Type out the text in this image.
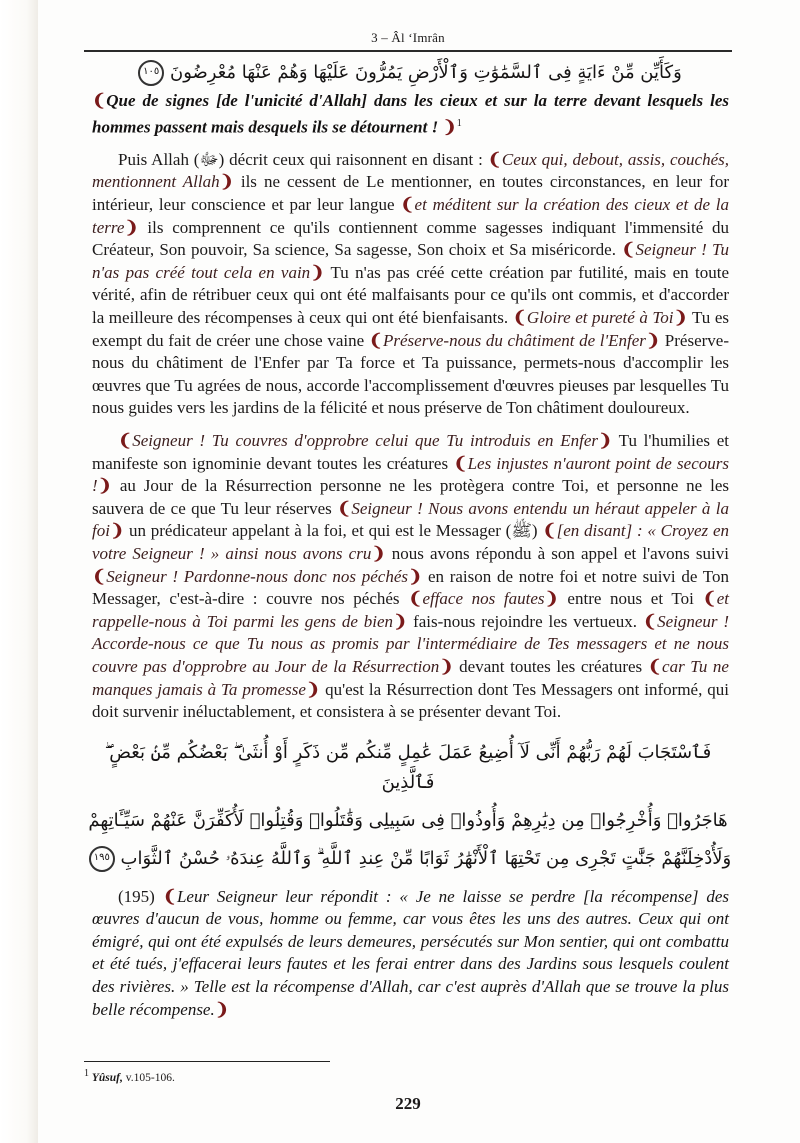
3 – Âl ‘Imrân
وَكَأَيِّن مِّنْ ءَايَةٍ فِى ٱلسَّمَٰوَٰتِ وَٱلْأَرْضِ يَمُرُّونَ عَلَيْهَا وَهُمْ عَنْهَا مُعْرِضُونَ ١٠٥
❨Que de signes [de l'unicité d'Allah] dans les cieux et sur la terre devant lesquels les hommes passent mais desquels ils se détournent ! ❩$^1$
Puis Allah (ﷻ) décrit ceux qui raisonnent en disant : ❨Ceux qui, debout, assis, couchés, mentionnent Allah❩ ils ne cessent de Le mentionner, en toutes circonstances, en leur for intérieur, leur conscience et par leur langue ❨et méditent sur la création des cieux et de la terre❩ ils comprennent ce qu'ils contiennent comme sagesses indiquant l'immensité du Créateur, Son pouvoir, Sa science, Sa sagesse, Son choix et Sa miséricorde. ❨Seigneur ! Tu n'as pas créé tout cela en vain❩ Tu n'as pas créé cette création par futilité, mais en toute vérité, afin de rétribuer ceux qui ont été malfaisants pour ce qu'ils ont commis, et d'accorder la meilleure des récompenses à ceux qui ont été bienfaisants. ❨Gloire et pureté à Toi❩ Tu es exempt du fait de créer une chose vaine ❨Préserve-nous du châtiment de l'Enfer❩ Préserve-nous du châtiment de l'Enfer par Ta force et Ta puissance, permets-nous d'accomplir les œuvres que Tu agrées de nous, accorde l'accomplissement d'œuvres pieuses par lesquelles Tu nous guides vers les jardins de la félicité et nous préserve de Ton châtiment douloureux.
❨Seigneur ! Tu couvres d'opprobre celui que Tu introduis en Enfer❩ Tu l'humilies et manifeste son ignominie devant toutes les créatures ❨Les injustes n'auront point de secours !❩ au Jour de la Résurrection personne ne les protègera contre Toi, et personne ne les sauvera de ce que Tu leur réserves ❨Seigneur ! Nous avons entendu un héraut appeler à la foi❩ un prédicateur appelant à la foi, et qui est le Messager (ﷺ) ❨[en disant] : « Croyez en votre Seigneur ! » ainsi nous avons cru❩ nous avons répondu à son appel et l'avons suivi ❨Seigneur ! Pardonne-nous donc nos péchés❩ en raison de notre foi et notre suivi de Ton Messager, c'est-à-dire : couvre nos péchés ❨efface nos fautes❩ entre nous et Toi ❨et rappelle-nous à Toi parmi les gens de bien❩ fais-nous rejoindre les vertueux. ❨Seigneur ! Accorde-nous ce que Tu nous as promis par l'intermédiaire de Tes messagers et ne nous couvre pas d'opprobre au Jour de la Résurrection❩ devant toutes les créatures ❨car Tu ne manques jamais à Ta promesse❩ qu'est la Résurrection dont Tes Messagers ont informé, qui doit survenir inéluctablement, et consistera à se présenter devant Toi.
فَٱسْتَجَابَ لَهُمْ رَبُّهُمْ أَنِّى لَآ أُضِيعُ عَمَلَ عَٰمِلٍ مِّنكُم مِّن ذَكَرٍ أَوْ أُنثَىٰ ۖ بَعْضُكُم مِّنۢ بَعْضٍ ۖ فَٱلَّذِينَ
هَاجَرُوا۟ وَأُخْرِجُوا۟ مِن دِيَٰرِهِمْ وَأُوذُوا۟ فِى سَبِيلِى وَقَٰتَلُوا۟ وَقُتِلُوا۟ لَأُكَفِّرَنَّ عَنْهُمْ سَيِّـَٔاتِهِمْ
وَلَأُدْخِلَنَّهُمْ جَنَّٰتٍ تَجْرِى مِن تَحْتِهَا ٱلْأَنْهَٰرُ ثَوَابًا مِّنْ عِندِ ٱللَّهِ ۗ وَٱللَّهُ عِندَهُۥ حُسْنُ ٱلثَّوَابِ ١٩٥
(195) ❨Leur Seigneur leur répondit : « Je ne laisse se perdre [la récompense] des œuvres d'aucun de vous, homme ou femme, car vous êtes les uns des autres. Ceux qui ont émigré, qui ont été expulsés de leurs demeures, persécutés sur Mon sentier, qui ont combattu et été tués, j'effacerai leurs fautes et les ferai entrer dans des Jardins sous lesquels coulent des rivières. » Telle est la récompense d'Allah, car c'est auprès d'Allah que se trouve la plus belle récompense.❩
1 Yûsuf, v.105-106.
229
